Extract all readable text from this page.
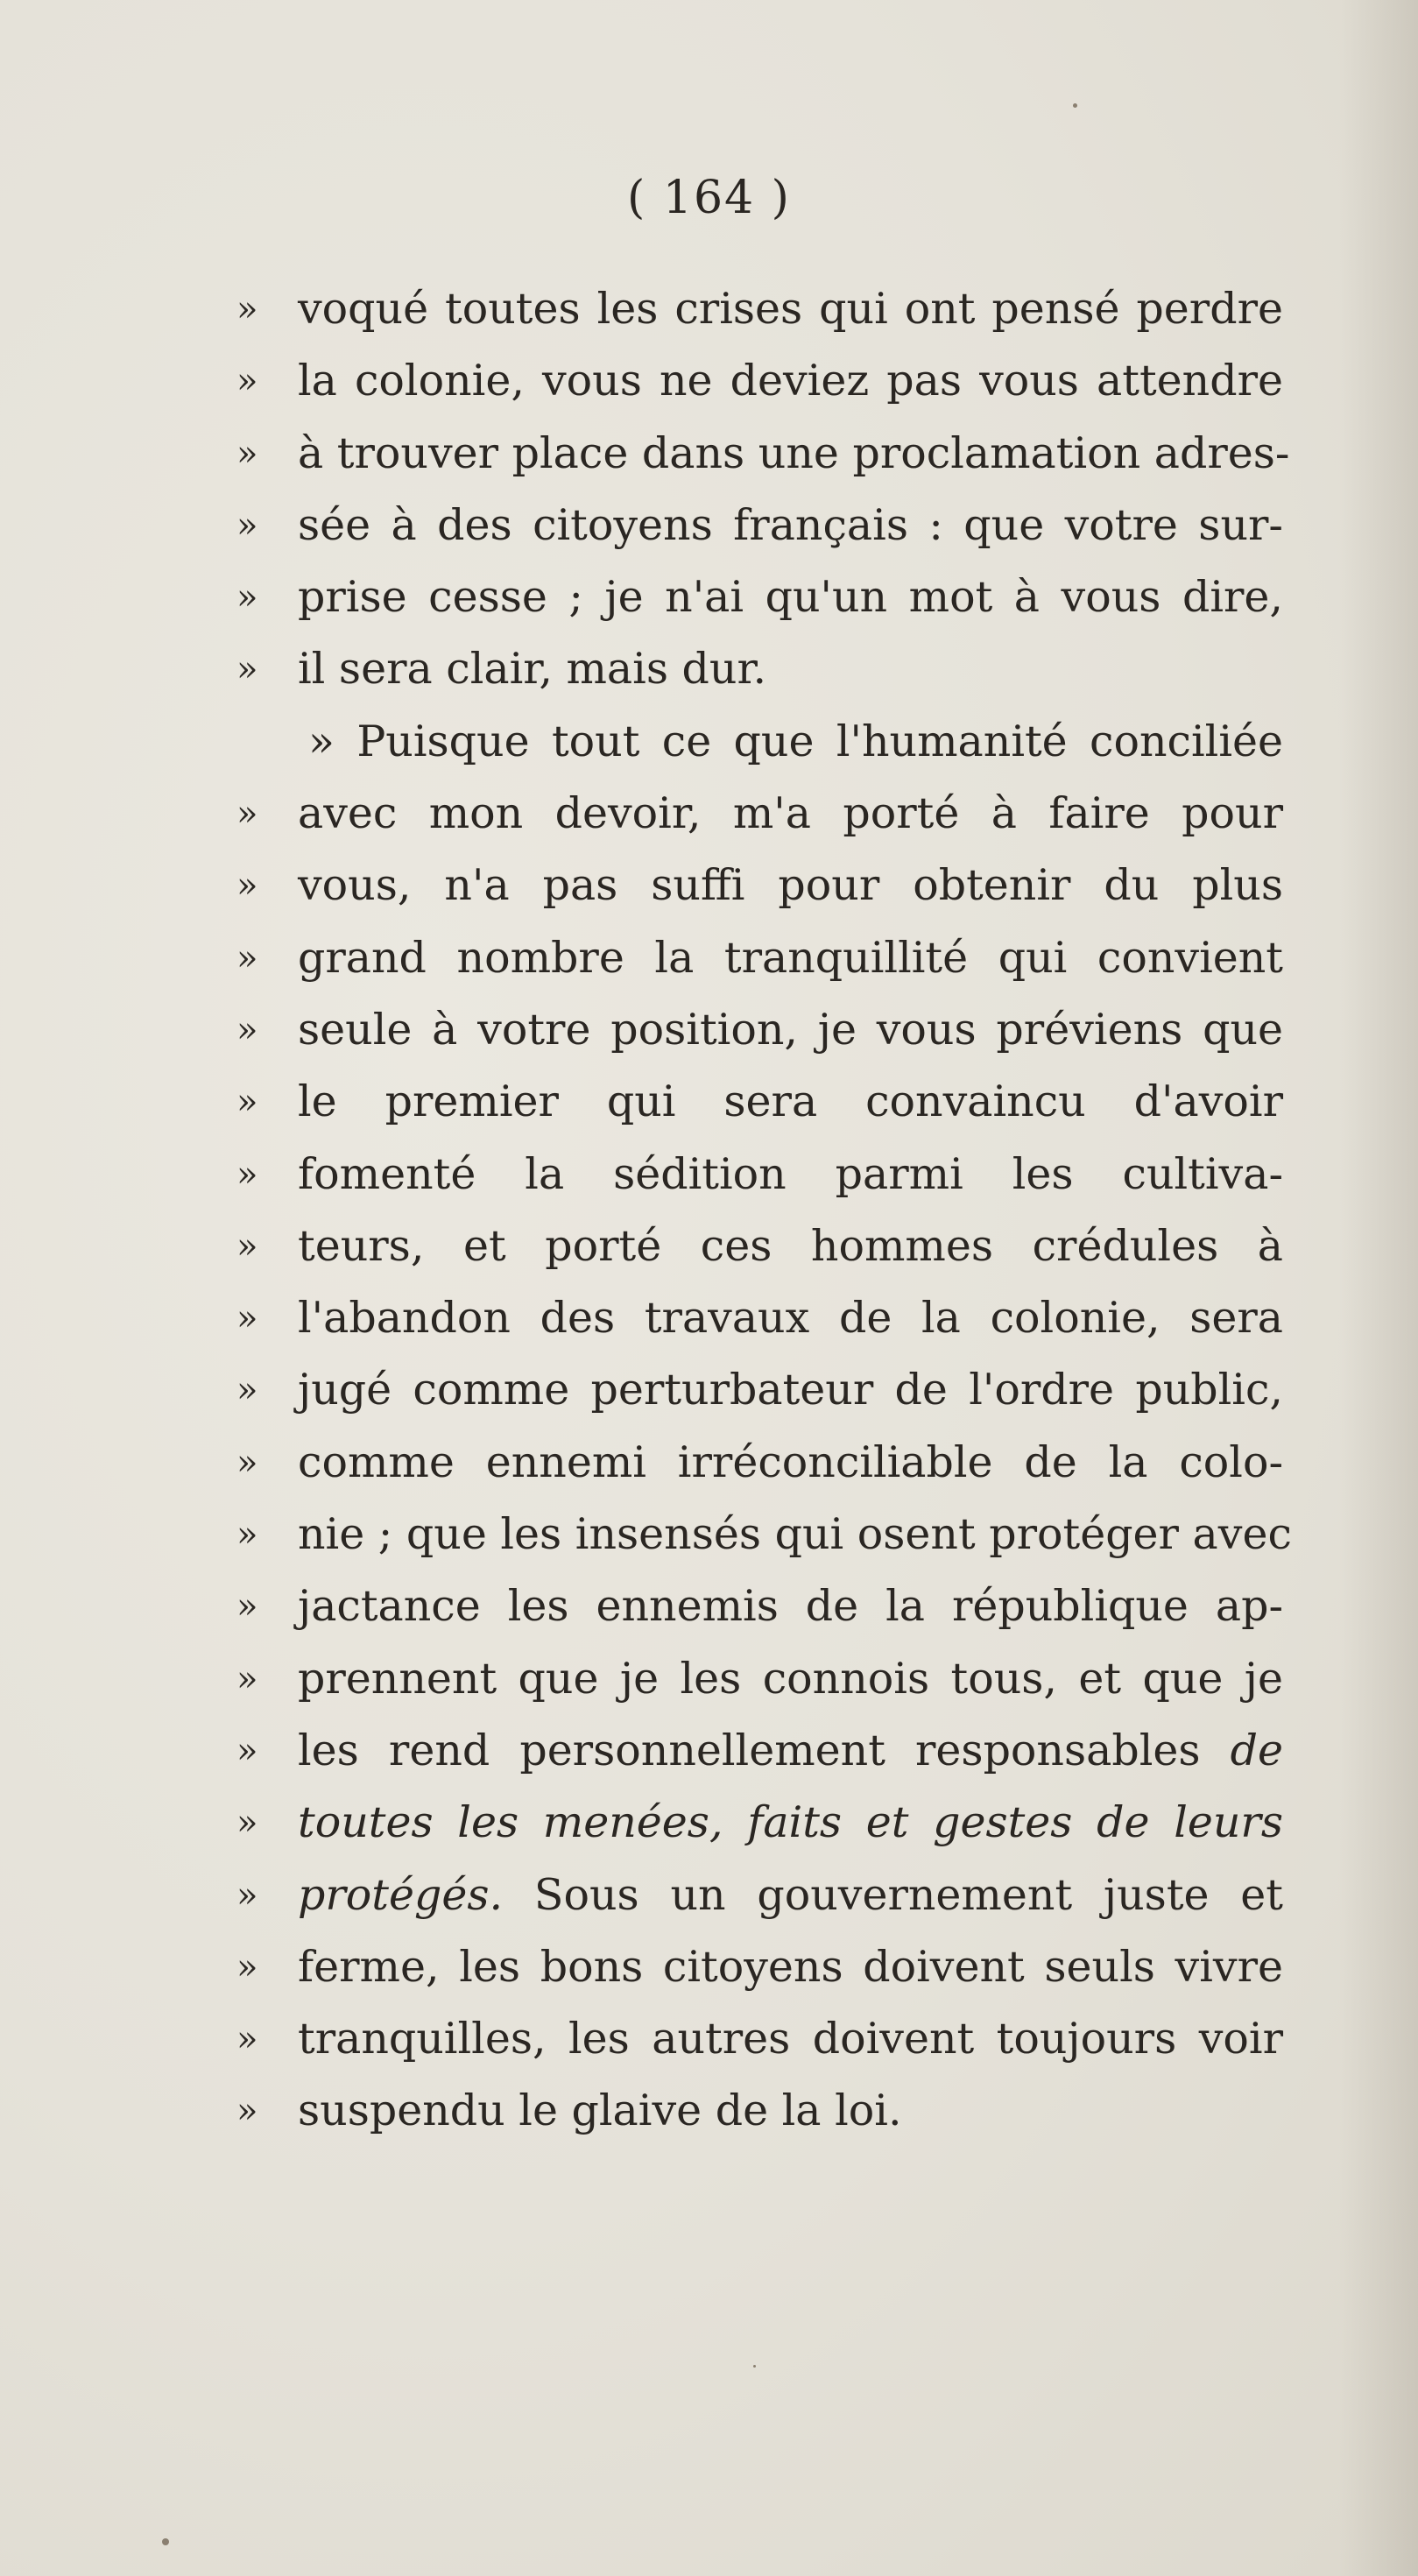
( 164 )
» voqué toutes les crises qui ont pensé perdre
» la colonie, vous ne deviez pas vous attendre
» à trouver place dans une proclamation adres-
» sée à des citoyens français : que votre sur-
» prise cesse ; je n'ai qu'un mot à vous dire,
» il sera clair, mais dur.
» Puisque tout ce que l'humanité conciliée
» avec mon devoir, m'a porté à faire pour
» vous, n'a pas suffi pour obtenir du plus
» grand nombre la tranquillité qui convient
» seule à votre position, je vous préviens que
» le premier qui sera convaincu d'avoir
» fomenté la sédition parmi les cultiva-
» teurs, et porté ces hommes crédules à
» l'abandon des travaux de la colonie, sera
» jugé comme perturbateur de l'ordre public,
» comme ennemi irréconciliable de la colo-
» nie ; que les insensés qui osent protéger avec
» jactance les ennemis de la république ap-
» prennent que je les connois tous, et que je
» les rend personnellement responsables de
» toutes les menées, faits et gestes de leurs
» protégés. Sous un gouvernement juste et
» ferme, les bons citoyens doivent seuls vivre
» tranquilles, les autres doivent toujours voir
» suspendu le glaive de la loi.
